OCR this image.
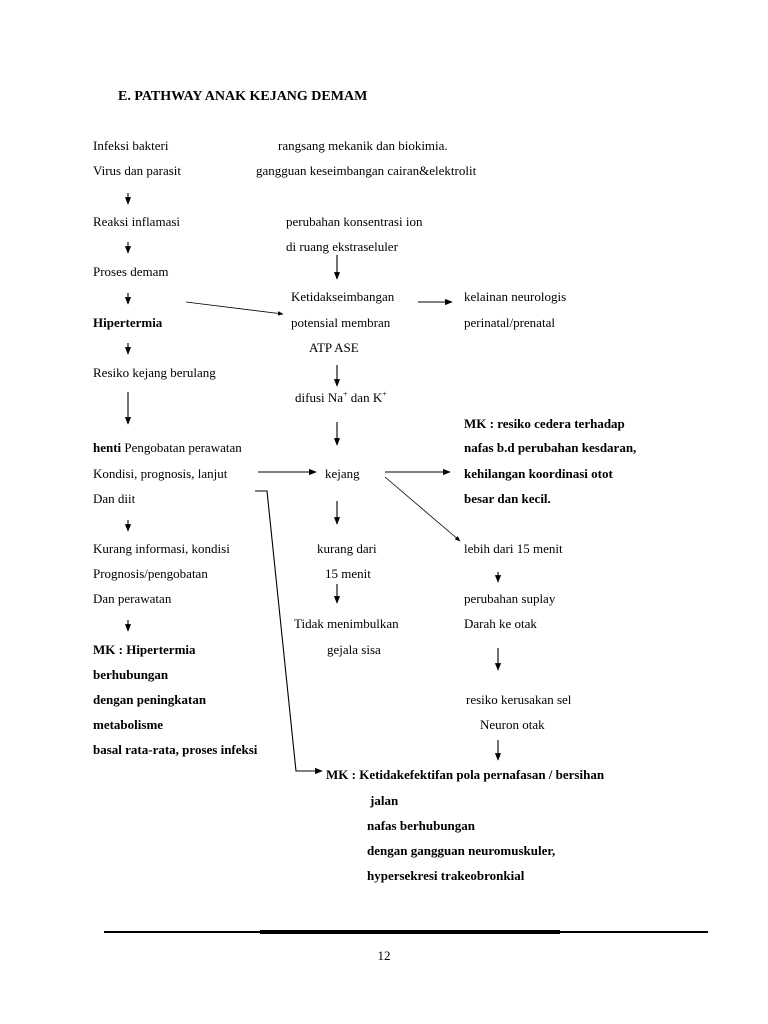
E. PATHWAY ANAK KEJANG DEMAM
Infeksi bakteri
Virus dan parasit
Reaksi inflamasi
Proses demam
Hipertermia
Resiko kejang berulang
henti Pengobatan perawatan
Kondisi, prognosis, lanjut
Dan diit
Kurang informasi, kondisi
Prognosis/pengobatan
Dan perawatan
MK : Hipertermia
berhubungan
dengan peningkatan
metabolisme
basal rata-rata, proses infeksi
rangsang mekanik dan biokimia.
gangguan keseimbangan cairan&elektrolit
perubahan konsentrasi ion
di ruang ekstraseluler
Ketidakseimbangan
potensial membran
ATP ASE
difusi Na+ dan K+
kejang
kurang dari
15 menit
Tidak menimbulkan
gejala sisa
kelainan neurologis
perinatal/prenatal
MK : resiko cedera terhadap
nafas b.d perubahan kesdaran,
kehilangan koordinasi otot
besar dan kecil.
lebih dari 15 menit
perubahan suplay
Darah ke otak
resiko kerusakan sel
Neuron otak
MK : Ketidakefektifan pola pernafasan / bersihan
jalan
nafas berhubungan
dengan gangguan neuromuskuler,
hypersekresi trakeobronkial
12
